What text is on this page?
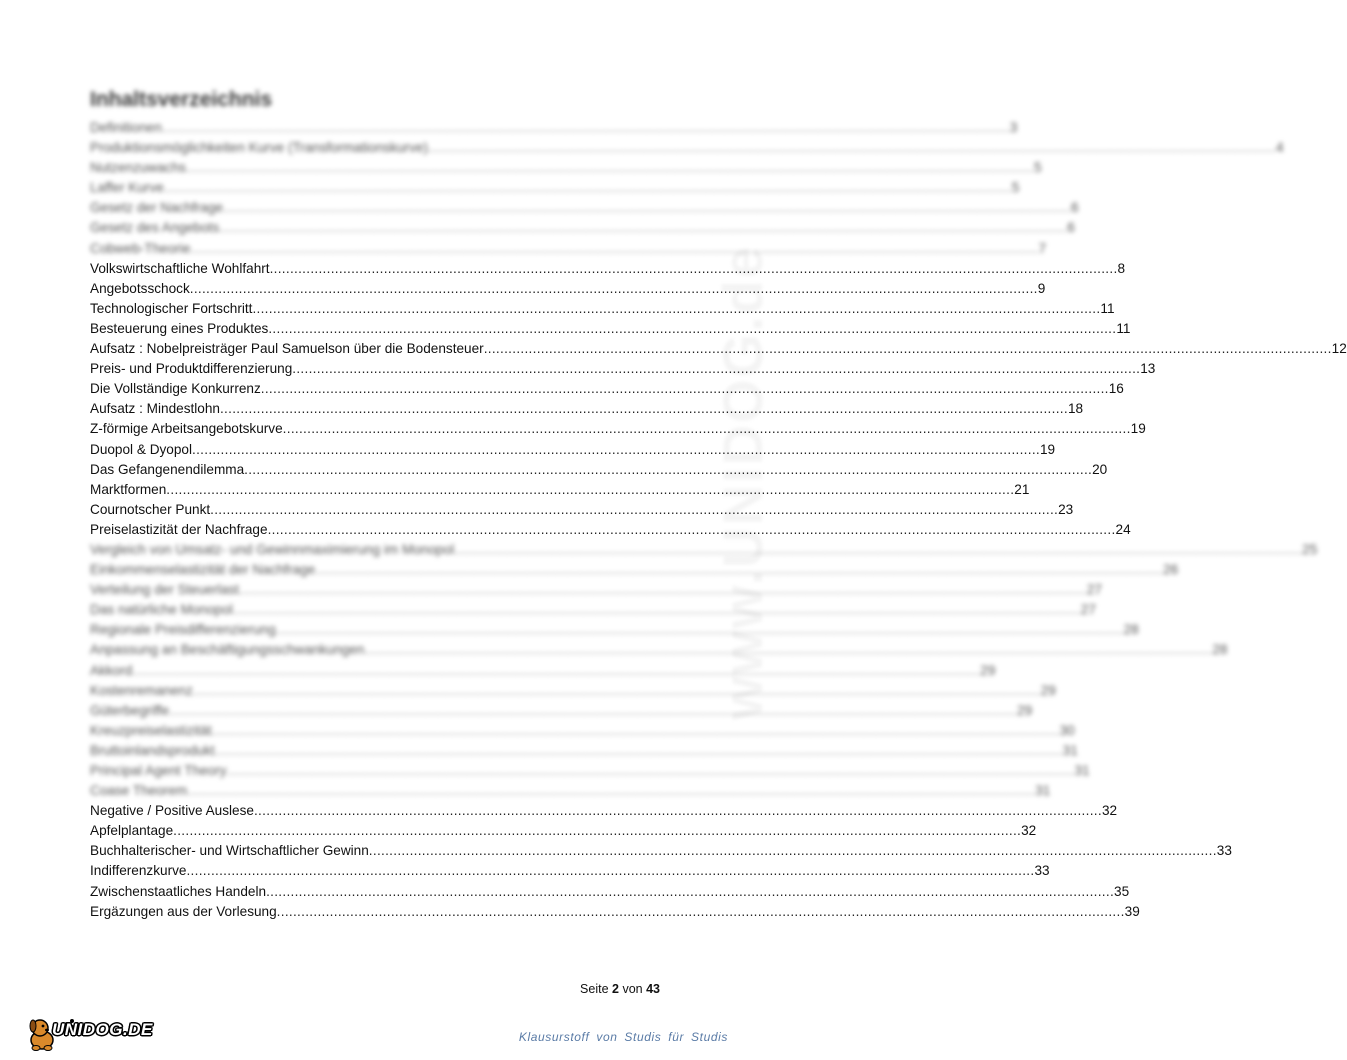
www.UNIDOG.de
Inhaltsverzeichnis
Definitionen .....	3
Produktionsmöglichkeiten Kurve (Transformationskurve) .....	4
Nutzenzuwachs .....	5
Laffer Kurve .....	5
Gesetz der Nachfrage .....	6
Gesetz des Angebots .....	6
Cobweb-Theorie .....	7
Volkswirtschaftliche Wohlfahrt .....	8
Angebotsschock .....	9
Technologischer Fortschritt .....	11
Besteuerung eines Produktes .....	11
Aufsatz : Nobelpreisträger Paul Samuelson über die Bodensteuer .....	12
Preis- und Produktdifferenzierung .....	13
Die Vollständige Konkurrenz .....	16
Aufsatz : Mindestlohn .....	18
Z-förmige Arbeitsangebotskurve .....	19
Duopol & Dyopol .....	19
Das Gefangenendilemma .....	20
Marktformen .....	21
Cournotscher Punkt .....	23
Preiselastizität der Nachfrage .....	24
Vergleich von Umsatz- und Gewinnmaximierung im Monopol .....	25
Einkommenselastizität der Nachfrage .....	26
Verteilung der Steuerlast .....	27
Das natürliche Monopol .....	27
Regionale Preisdifferenzierung .....	28
Anpassung an Beschäftigungsschwankungen .....	28
Akkord .....	29
Kostenremanenz .....	29
Güterbegriffe .....	29
Kreuzpreiselastizität .....	30
Bruttoinlandsprodukt .....	31
Principal Agent Theory .....	31
Coase Theorem .....	31
Negative / Positive Auslese .....	32
Apfelplantage .....	32
Buchhalterischer- und Wirtschaftlicher Gewinn .....	33
Indifferenzkurve .....	33
Zwischenstaatliches Handeln .....	35
Ergäzungen aus der Vorlesung .....	39
Seite 2 von 43
UNIDOG.DE	Klausurstoff von Studis für Studis
